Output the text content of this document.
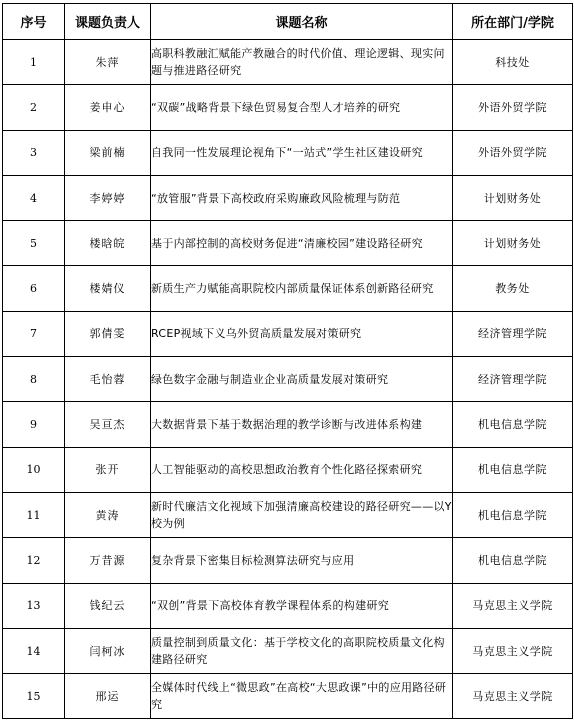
序号	课题负责人	课题名称	所在部门/学院
1	朱萍	高职科教融汇赋能产教融合的时代价值、理论逻辑、现实问题与推进路径研究	科技处
2	姜申心	“双碳”战略背景下绿色贸易复合型人才培养的研究	外语外贸学院
3	梁前楠	自我同一性发展理论视角下“一站式”学生社区建设研究	外语外贸学院
4	李婷婷	“放管服”背景下高校政府采购廉政风险梳理与防范	计划财务处
5	楼晗皖	基于内部控制的高校财务促进“清廉校园”建设路径研究	计划财务处
6	楼婧仪	新质生产力赋能高职院校内部质量保证体系创新路径研究	教务处
7	郭倩雯	RCEP视域下义乌外贸高质量发展对策研究	经济管理学院
8	毛怡蓉	绿色数字金融与制造业企业高质量发展对策研究	经济管理学院
9	吴亘杰	大数据背景下基于数据治理的教学诊断与改进体系构建	机电信息学院
10	张开	人工智能驱动的高校思想政治教育个性化路径探索研究	机电信息学院
11	黄涛	新时代廉洁文化视域下加强清廉高校建设的路径研究——以Y校为例	机电信息学院
12	万昔源	复杂背景下密集目标检测算法研究与应用	机电信息学院
13	钱纪云	“双创”背景下高校体育教学课程体系的构建研究	马克思主义学院
14	闫柯冰	质量控制到质量文化：基于学校文化的高职院校质量文化构建路径研究	马克思主义学院
15	邢运	全媒体时代线上“微思政”在高校“大思政课”中的应用路径研究	马克思主义学院
